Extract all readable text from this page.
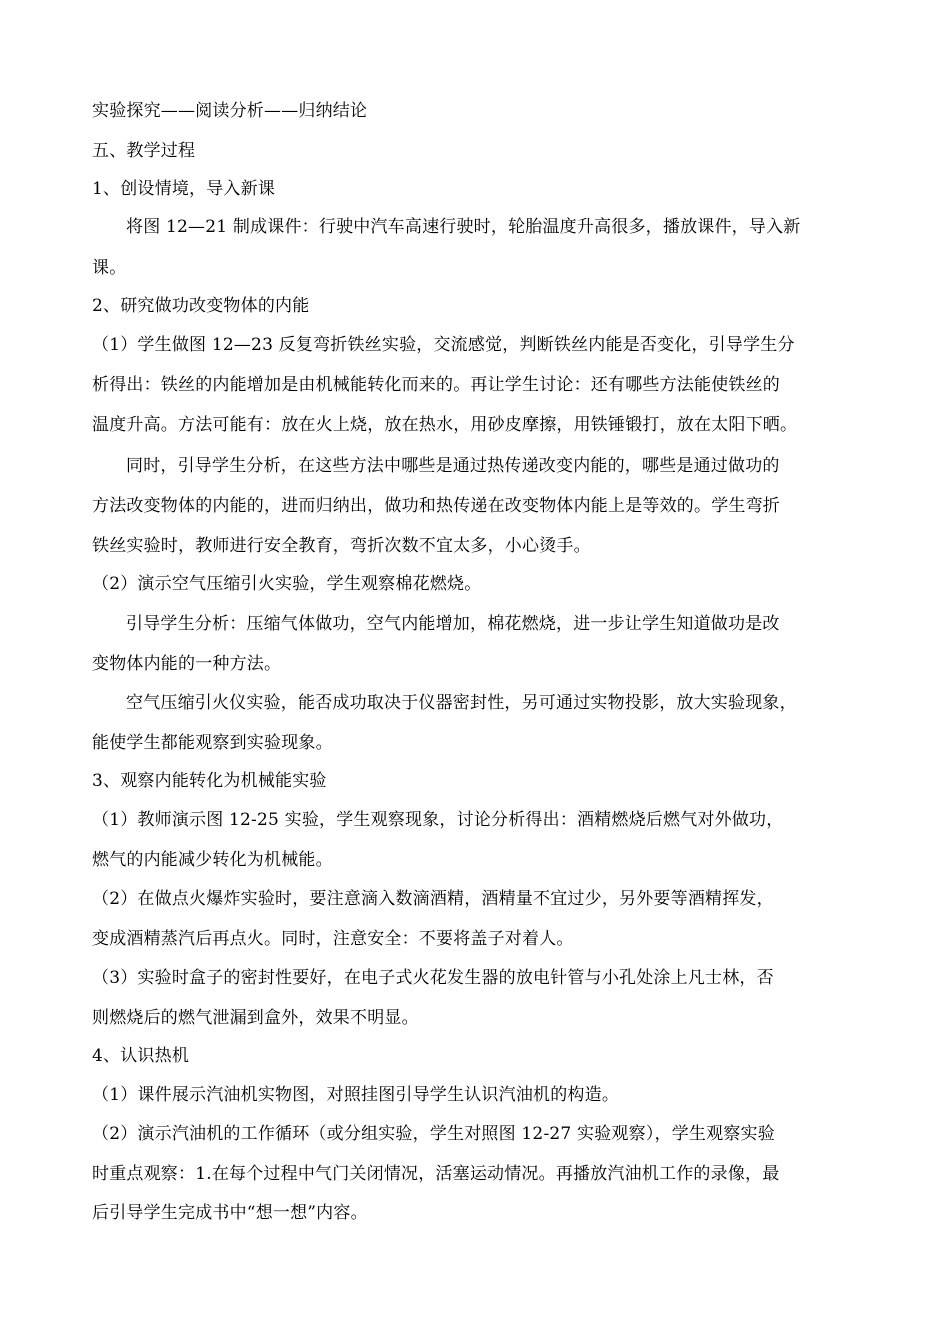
实验探究——阅读分析——归纳结论
五、教学过程
1、创设情境，导入新课
将图 12—21 制成课件：行驶中汽车高速行驶时，轮胎温度升高很多，播放课件，导入新
课。
2、研究做功改变物体的内能
（1）学生做图 12—23 反复弯折铁丝实验，交流感觉，判断铁丝内能是否变化，引导学生分
析得出：铁丝的内能增加是由机械能转化而来的。再让学生讨论：还有哪些方法能使铁丝的
温度升高。方法可能有：放在火上烧，放在热水，用砂皮摩擦，用铁锤锻打，放在太阳下晒。
同时，引导学生分析，在这些方法中哪些是通过热传递改变内能的，哪些是通过做功的
方法改变物体的内能的，进而归纳出，做功和热传递在改变物体内能上是等效的。学生弯折
铁丝实验时，教师进行安全教育，弯折次数不宜太多，小心烫手。
（2）演示空气压缩引火实验，学生观察棉花燃烧。
引导学生分析：压缩气体做功，空气内能增加，棉花燃烧，进一步让学生知道做功是改
变物体内能的一种方法。
空气压缩引火仪实验，能否成功取决于仪器密封性，另可通过实物投影，放大实验现象，
能使学生都能观察到实验现象。
3、观察内能转化为机械能实验
（1）教师演示图 12-25 实验，学生观察现象，讨论分析得出：酒精燃烧后燃气对外做功，
燃气的内能减少转化为机械能。
（2）在做点火爆炸实验时，要注意滴入数滴酒精，酒精量不宜过少，另外要等酒精挥发，
变成酒精蒸汽后再点火。同时，注意安全：不要将盖子对着人。
（3）实验时盒子的密封性要好，在电子式火花发生器的放电针管与小孔处涂上凡士林，否
则燃烧后的燃气泄漏到盒外，效果不明显。
4、认识热机
（1）课件展示汽油机实物图，对照挂图引导学生认识汽油机的构造。
（2）演示汽油机的工作循环（或分组实验，学生对照图 12-27 实验观察），学生观察实验
时重点观察：1.在每个过程中气门关闭情况，活塞运动情况。再播放汽油机工作的录像，最
后引导学生完成书中“想一想”内容。
